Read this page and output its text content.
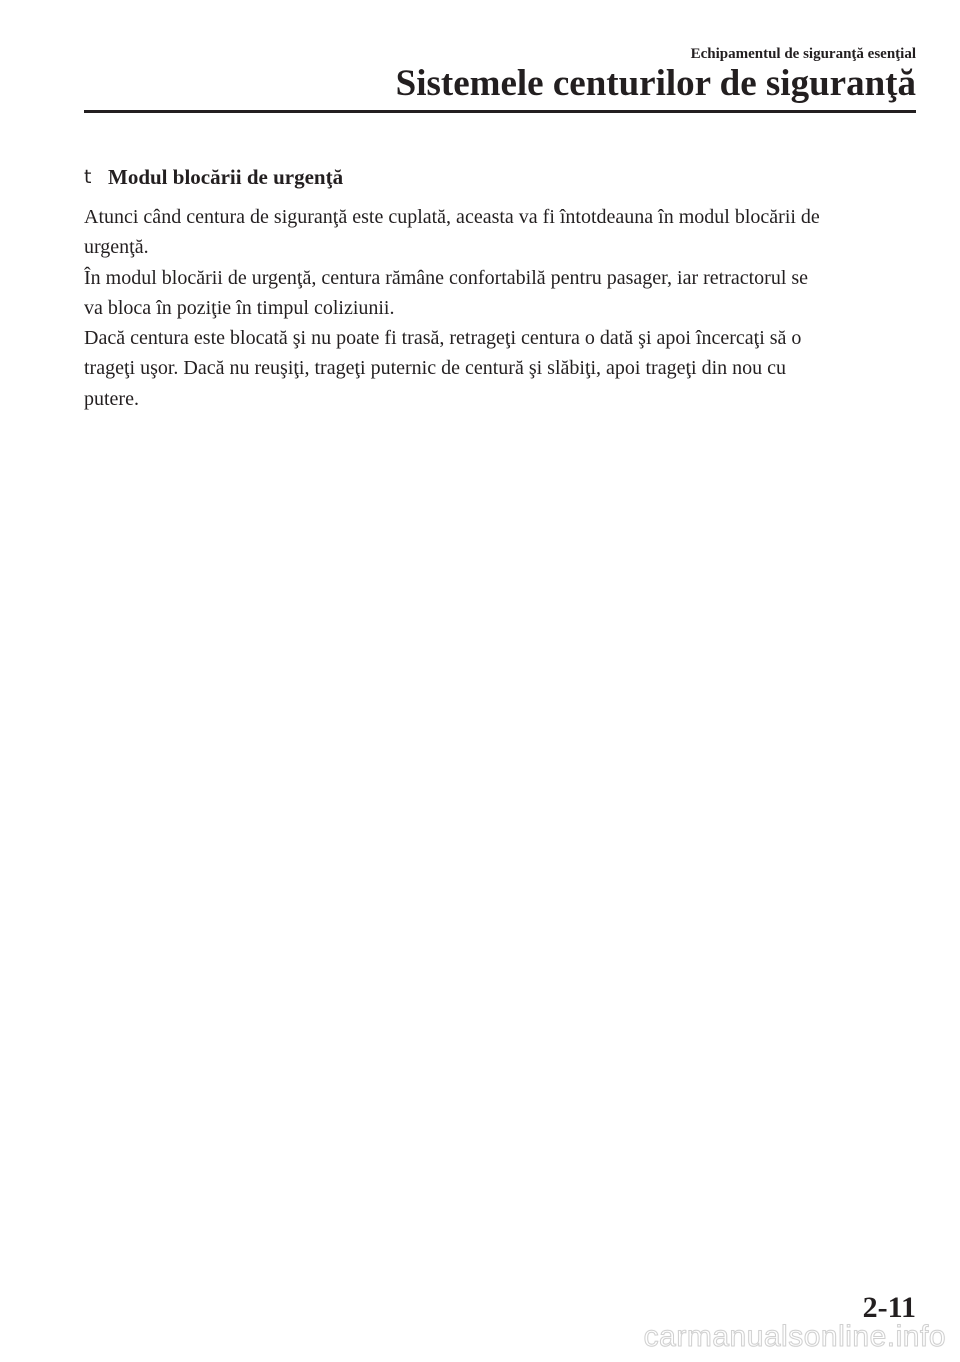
Echipamentul de siguranţă esenţial
Sistemele centurilor de siguranţă
t Modul blocării de urgenţă
Atunci când centura de siguranţă este cuplată, aceasta va fi întotdeauna în modul blocării de
urgenţă.
În modul blocării de urgenţă, centura rămâne confortabilă pentru pasager, iar retractorul se
va bloca în poziţie în timpul coliziunii.
Dacă centura este blocată şi nu poate fi trasă, retrageţi centura o dată şi apoi încercaţi să o
trageţi uşor. Dacă nu reuşiţi, trageţi puternic de centură şi slăbiţi, apoi trageţi din nou cu
putere.
2-11
carmanualsonline.info
